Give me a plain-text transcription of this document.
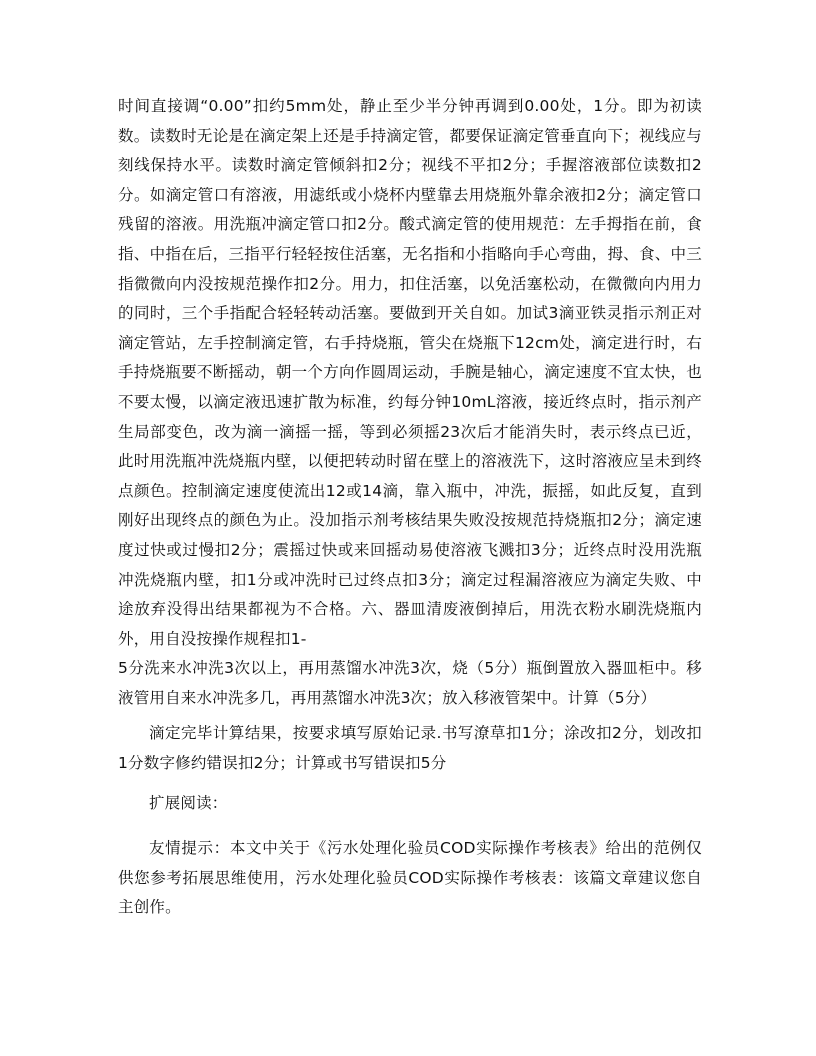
时间直接调“0.00”扣约5mm处，静止至少半分钟再调到0.00处，1分。即为初读数。读数时无论是在滴定架上还是手持滴定管，都要保证滴定管垂直向下；视线应与刻线保持水平。读数时滴定管倾斜扣2分；视线不平扣2分；手握溶液部位读数扣2分。如滴定管口有溶液，用滤纸或小烧杯内壁靠去用烧瓶外靠余液扣2分；滴定管口残留的溶液。用洗瓶冲滴定管口扣2分。酸式滴定管的使用规范：左手拇指在前，食指、中指在后，三指平行轻轻按住活塞，无名指和小指略向手心弯曲，拇、食、中三指微微向内没按规范操作扣2分。用力，扣住活塞，以免活塞松动，在微微向内用力的同时，三个手指配合轻轻转动活塞。要做到开关自如。加试3滴亚铁灵指示剂正对滴定管站，左手控制滴定管，右手持烧瓶，管尖在烧瓶下12cm处，滴定进行时，右手持烧瓶要不断摇动，朝一个方向作圆周运动，手腕是轴心，滴定速度不宜太快，也不要太慢，以滴定液迅速扩散为标准，约每分钟10mL溶液，接近终点时，指示剂产生局部变色，改为滴一滴摇一摇，等到必须摇23次后才能消失时，表示终点已近，此时用洗瓶冲洗烧瓶内壁，以便把转动时留在壁上的溶液洗下，这时溶液应呈未到终点颜色。控制滴定速度使流出12或14滴，靠入瓶中，冲洗，振摇，如此反复，直到刚好出现终点的颜色为止。没加指示剂考核结果失败没按规范持烧瓶扣2分；滴定速度过快或过慢扣2分；震摇过快或来回摇动易使溶液飞溅扣3分；近终点时没用洗瓶冲洗烧瓶内壁，扣1分或冲洗时已过终点扣3分；滴定过程漏溶液应为滴定失败、中途放弃没得出结果都视为不合格。六、器皿清废液倒掉后，用洗衣粉水刷洗烧瓶内外，用自没按操作规程扣1-

5分洗来水冲洗3次以上，再用蒸馏水冲洗3次，烧（5分）瓶倒置放入器皿柜中。移液管用自来水冲洗多几，再用蒸馏水冲洗3次；放入移液管架中。计算（5分）

滴定完毕计算结果，按要求填写原始记录.书写潦草扣1分；涂改扣2分，划改扣1分数字修约错误扣2分；计算或书写错误扣5分

扩展阅读：

友情提示：本文中关于《污水处理化验员COD实际操作考核表》给出的范例仅供您参考拓展思维使用，污水处理化验员COD实际操作考核表：该篇文章建议您自主创作。
